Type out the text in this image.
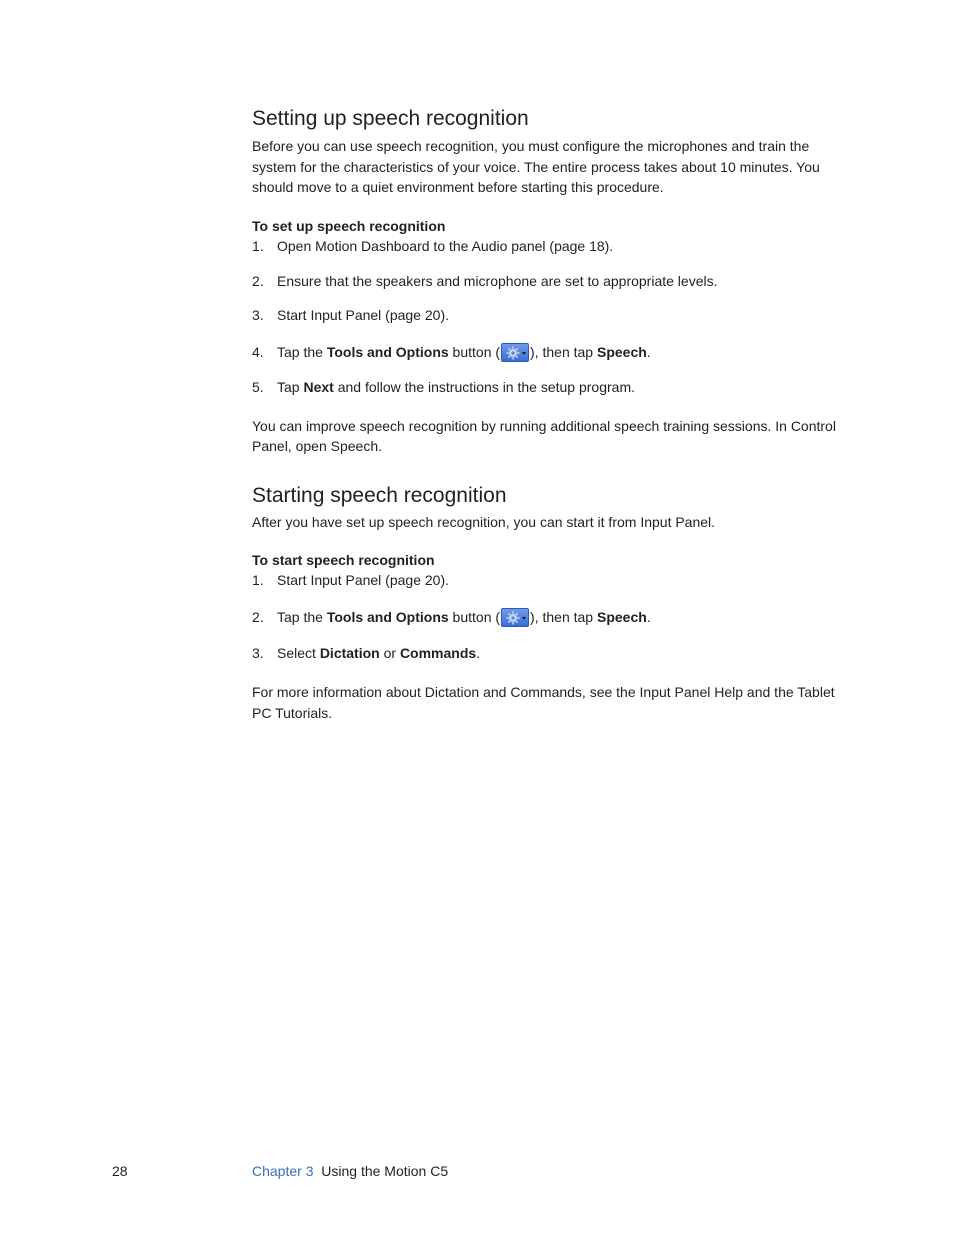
Setting up speech recognition

Before you can use speech recognition, you must configure the microphones and train the system for the characteristics of your voice. The entire process takes about 10 minutes. You should move to a quiet environment before starting this procedure.

To set up speech recognition

1. Open Motion Dashboard to the Audio panel (page 18).
2. Ensure that the speakers and microphone are set to appropriate levels.
3. Start Input Panel (page 20).
4. Tap the Tools and Options button ( ), then tap Speech.
5. Tap Next and follow the instructions in the setup program.

You can improve speech recognition by running additional speech training sessions. In Control Panel, open Speech.

Starting speech recognition

After you have set up speech recognition, you can start it from Input Panel.

To start speech recognition

1. Start Input Panel (page 20).
2. Tap the Tools and Options button ( ), then tap Speech.
3. Select Dictation or Commands.

For more information about Dictation and Commands, see the Input Panel Help and the Tablet PC Tutorials.

28	Chapter 3 Using the Motion C5
